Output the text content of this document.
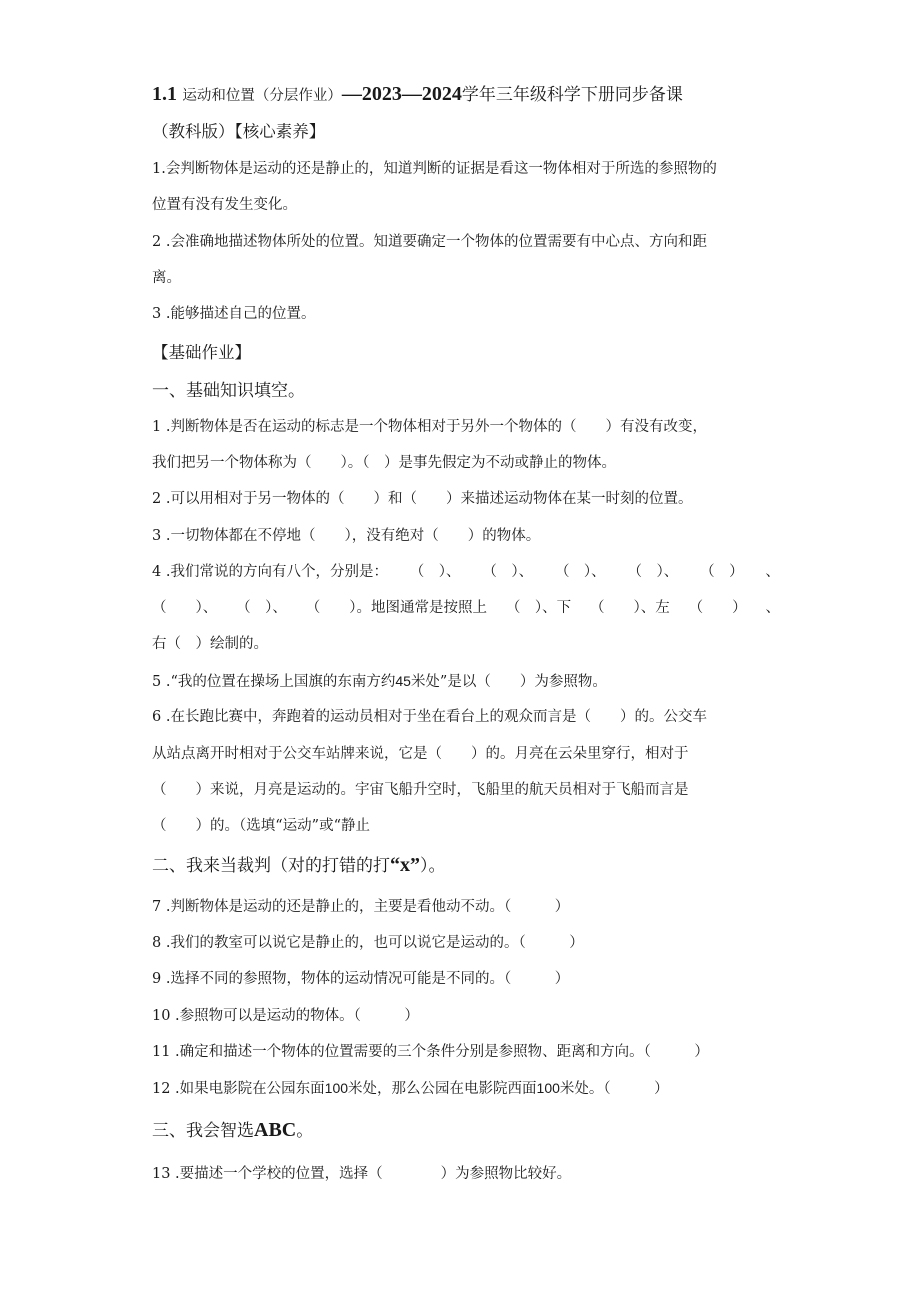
1.1 运动和位置（分层作业）—2023—2024学年三年级科学下册同步备课
（教科版）【核心素养】
1.会判断物体是运动的还是静止的，知道判断的证据是看这一物体相对于所选的参照物的
位置有没有发生变化。
2 .会准确地描述物体所处的位置。知道要确定一个物体的位置需要有中心点、方向和距
离。
3 .能够描述自己的位置。
【基础作业】
一、基础知识填空。
1 .判断物体是否在运动的标志是一个物体相对于另外一个物体的（　　）有没有改变，
我们把另一个物体称为（　　）。（　）是事先假定为不动或静止的物体。
2 .可以用相对于另一物体的（　　）和（　　）来描述运动物体在某一时刻的位置。
3 .一切物体都在不停地（　　），没有绝对（　　）的物体。
4 .我们常说的方向有八个，分别是： （　）、 （　）、 （　）、 （　）、 （　） 、
（　　）、 （　）、 （　　）。地图通常是按照上 （　）、下 （　　）、左 （　　） 、
右（　）绘制的。
5 .“我的位置在操场上国旗的东南方约45米处”是以（　　）为参照物。
6 .在长跑比赛中，奔跑着的运动员相对于坐在看台上的观众而言是（　　）的。公交车
从站点离开时相对于公交车站牌来说，它是（　　）的。月亮在云朵里穿行，相对于
（　　）来说，月亮是运动的。宇宙飞船升空时，飞船里的航天员相对于飞船而言是
（　　）的。（选填“运动”或“静止
二、我来当裁判（对的打错的打“x”）。
7 .判断物体是运动的还是静止的，主要是看他动不动。（　　　）
8 .我们的教室可以说它是静止的，也可以说它是运动的。（　　　）
9 .选择不同的参照物，物体的运动情况可能是不同的。（　　　）
10 .参照物可以是运动的物体。（　　　）
11 .确定和描述一个物体的位置需要的三个条件分别是参照物、距离和方向。（　　　）
12 .如果电影院在公园东面100米处，那么公园在电影院西面100米处。（　　　）
三、我会智选ABC。
13 .要描述一个学校的位置，选择（　　　　）为参照物比较好。
